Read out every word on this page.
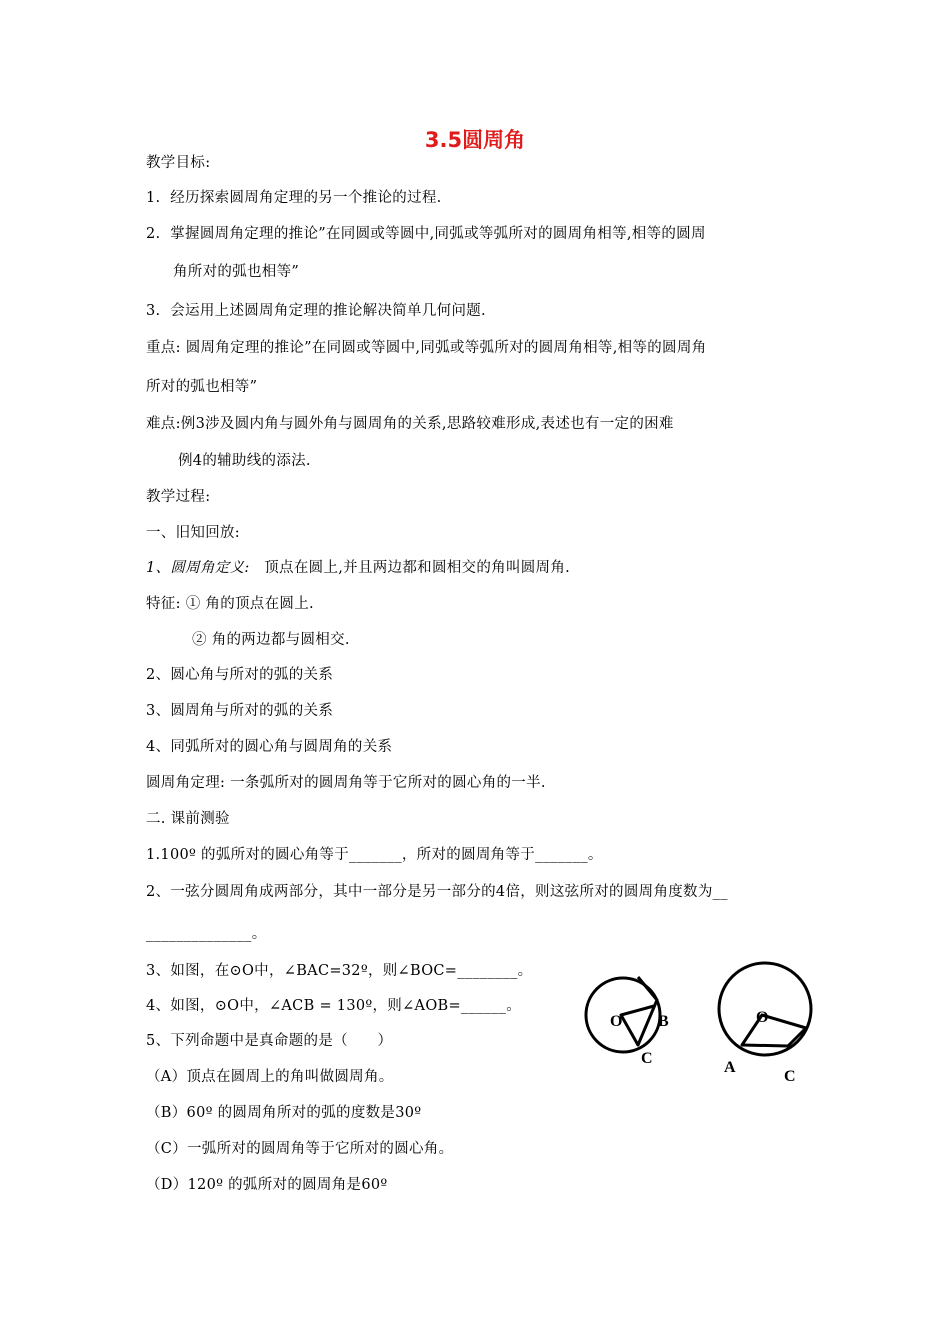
3.5圆周角
教学目标:
1.  经历探索圆周角定理的另一个推论的过程.
2.  掌握圆周角定理的推论”在同圆或等圆中,同弧或等弧所对的圆周角相等,相等的圆周
角所对的弧也相等”
3.  会运用上述圆周角定理的推论解决简单几何问题.
重点: 圆周角定理的推论”在同圆或等圆中,同弧或等弧所对的圆周角相等,相等的圆周角
所对的弧也相等”
难点:例3涉及圆内角与圆外角与圆周角的关系,思路较难形成,表述也有一定的困难
例4的辅助线的添法.
教学过程:
一、旧知回放:
1、圆周角定义: 顶点在圆上,并且两边都和圆相交的角叫圆周角.
特征: ① 角的顶点在圆上.
② 角的两边都与圆相交.
2、圆心角与所对的弧的关系
3、圆周角与所对的弧的关系
4、同弧所对的圆心角与圆周角的关系
圆周角定理: 一条弧所对的圆周角等于它所对的圆心角的一半.
二. 课前测验
1.100º 的弧所对的圆心角等于_______，所对的圆周角等于_______。
2、一弦分圆周角成两部分，其中一部分是另一部分的4倍，则这弦所对的圆周角度数为__
______________。
3、如图，在⊙O中，∠BAC=32º，则∠BOC=________。
4、如图，⊙O中，∠ACB = 130º，则∠AOB=______。
5、下列命题中是真命题的是（　　）
（A）顶点在圆周上的角叫做圆周角。
（B）60º 的圆周角所对的弧的度数是30º
（C）一弧所对的圆周角等于它所对的圆心角。
（D）120º 的弧所对的圆周角是60º
O B
C
O
A
C
